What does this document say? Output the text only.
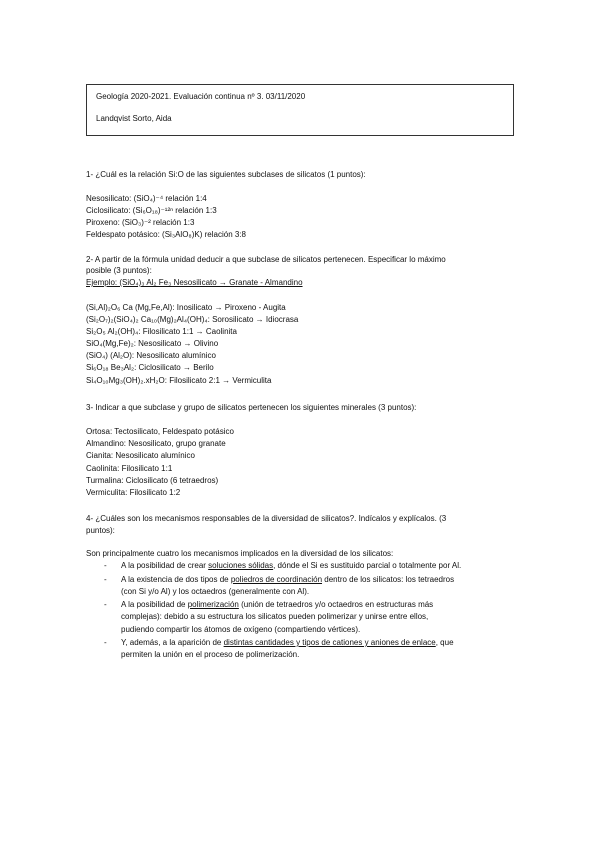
Geología 2020-2021. Evaluación continua nº 3. 03/11/2020
Landqvist Sorto, Aida
1- ¿Cuál es la relación Si:O de las siguientes subclases de silicatos (1 puntos):
Nesosilicato: (SiO₄)⁻⁴ relación 1:4
Ciclosilicato: (Si₆O₁₈)⁻¹²ⁿ relación 1:3
Piroxeno: (SiO₃)⁻² relación 1:3
Feldespato potásico: (Si₃AlO₈)K) relación 3:8
2- A partir de la fórmula unidad deducir a que subclase de silicatos pertenecen. Especificar lo máximo
posible (3 puntos):
Ejemplo: (SiO₄)₃ Al₂ Fe₃ Nesosilicato → Granate - Almandino
(Si,Al)₂O₆ Ca (Mg,Fe,Al): Inosilicato → Piroxeno - Augita
(Si₂O₇)₂(SiO₄)₂ Ca₁₀(Mg)₂Al₄(OH)₄: Sorosilicato → Idiocrasa
Si₂O₅ Al₂(OH)₄: Filosilicato 1:1 → Caolinita
SiO₄(Mg,Fe)₂: Nesosilicato → Olivino
(SiO₄) (Al₂O): Nesosilicato alumínico
Si₆O₁₈ Be₃Al₂: Ciclosilicato → Berilo
Si₄O₁₀Mg₃(OH)₂.xH₂O: Filosilicato 2:1 → Vermiculita
3- Indicar a que subclase y grupo de silicatos pertenecen los siguientes minerales (3 puntos):
Ortosa: Tectosilicato, Feldespato potásico
Almandino: Nesosilicato, grupo granate
Cianita: Nesosilicato alumínico
Caolinita: Filosilicato 1:1
Turmalina: Ciclosilicato (6 tetraedros)
Vermiculita: Filosilicato 1:2
4- ¿Cuáles son los mecanismos responsables de la diversidad de silicatos?. Indícalos y explícalos. (3
puntos):
Son principalmente cuatro los mecanismos implicados en la diversidad de los silicatos:
- A la posibilidad de crear soluciones sólidas, dónde el Si es sustituido parcial o totalmente por Al.
- A la existencia de dos tipos de poliedros de coordinación dentro de los silicatos: los tetraedros
(con Si y/o Al) y los octaedros (generalmente con Al).
- A la posibilidad de polimerización (unión de tetraedros y/o octaedros en estructuras más
complejas): debido a su estructura los silicatos pueden polimerizar y unirse entre ellos,
pudiendo compartir los átomos de oxígeno (compartiendo vértices).
- Y, además, a la aparición de distintas cantidades y tipos de cationes y aniones de enlace, que
permiten la unión en el proceso de polimerización.
